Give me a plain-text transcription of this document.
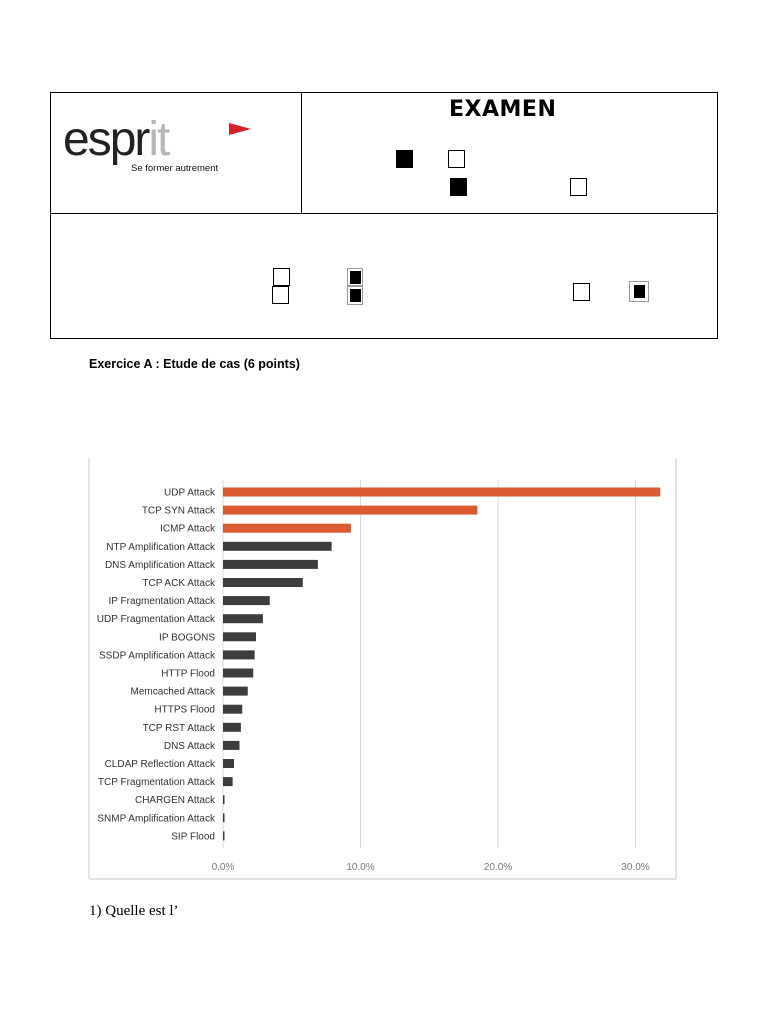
esprit
Se former autrement
EXAMEN
Exercice A : Etude de cas (6 points)
0.0%	10.0%	20.0%	30.0%
UDP Attack
TCP SYN Attack
ICMP Attack
NTP Amplification Attack
DNS Amplification Attack
TCP ACK Attack
IP Fragmentation Attack
UDP Fragmentation Attack
IP BOGONS
SSDP Amplification Attack
HTTP Flood
Memcached Attack
HTTPS Flood
TCP RST Attack
DNS Attack
CLDAP Reflection Attack
TCP Fragmentation Attack
CHARGEN Attack
SNMP Amplification Attack
SIP Flood
1) Quelle est l’
